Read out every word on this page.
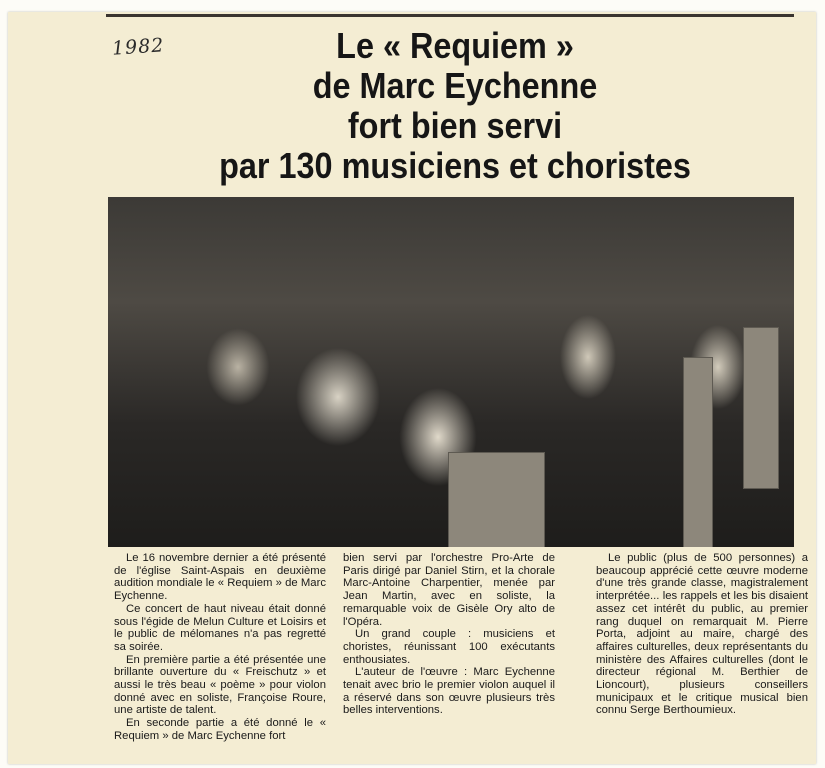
1982	Le « Requiem »
de Marc Eychenne
fort bien servi
par 130 musiciens et choristes

Le 16 novembre dernier a été présenté de l'église Saint-Aspais en deuxième audition mondiale le « Requiem » de Marc Eychenne.

Ce concert de haut niveau était donné sous l'égide de Melun Culture et Loisirs et le public de mélomanes n'a pas regretté sa soirée.

En première partie a été présentée une brillante ouverture du « Freischutz » et aussi le très beau « poème » pour violon donné avec en soliste, Françoise Roure, une artiste de talent.

En seconde partie a été donné le « Requiem » de Marc Eychenne fort

bien servi par l'orchestre Pro-Arte de Paris dirigé par Daniel Stirn, et la chorale Marc-Antoine Charpentier, menée par Jean Martin, avec en soliste, la remarquable voix de Gisèle Ory alto de l'Opéra.

Un grand couple : musiciens et choristes, réunissant 100 exécutants enthousiates.

L'auteur de l'œuvre : Marc Eychenne tenait avec brio le premier violon auquel il a réservé dans son œuvre plusieurs très belles interventions.

Le public (plus de 500 personnes) a beaucoup apprécié cette œuvre moderne d'une très grande classe, magistralement interprétée... les rappels et les bis disaient assez cet intérêt du public, au premier rang duquel on remarquait M. Pierre Porta, adjoint au maire, chargé des affaires culturelles, deux représentants du ministère des Affaires culturelles (dont le directeur régional M. Berthier de Lioncourt), plusieurs conseillers municipaux et le critique musical bien connu Serge Berthoumieux.
